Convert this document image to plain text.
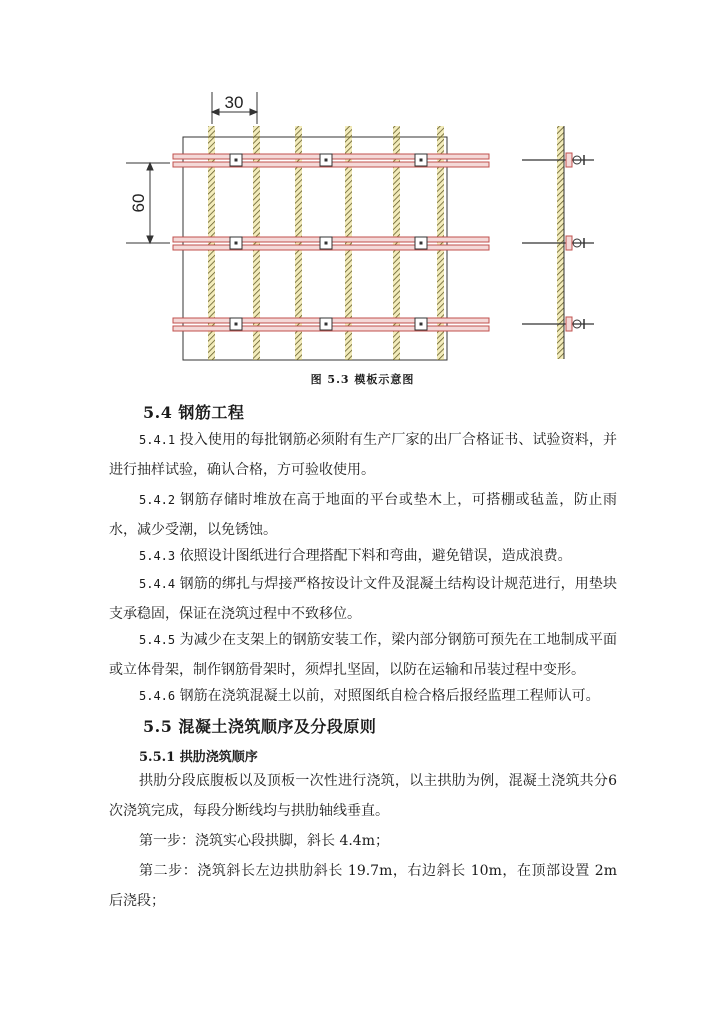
30
60
图 5.3 模板示意图
5.4 钢筋工程
5.4.1 投入使用的每批钢筋必须附有生产厂家的出厂合格证书、试验资料，并进行抽样试验，确认合格，方可验收使用。
5.4.2 钢筋存储时堆放在高于地面的平台或垫木上，可搭棚或毡盖，防止雨水，减少受潮，以免锈蚀。
5.4.3 依照设计图纸进行合理搭配下料和弯曲，避免错误，造成浪费。
5.4.4 钢筋的绑扎与焊接严格按设计文件及混凝土结构设计规范进行，用垫块支承稳固，保证在浇筑过程中不致移位。
5.4.5 为减少在支架上的钢筋安装工作，梁内部分钢筋可预先在工地制成平面或立体骨架，制作钢筋骨架时，须焊扎坚固，以防在运输和吊装过程中变形。
5.4.6 钢筋在浇筑混凝土以前，对照图纸自检合格后报经监理工程师认可。
5.5 混凝土浇筑顺序及分段原则
5.5.1 拱肋浇筑顺序
拱肋分段底腹板以及顶板一次性进行浇筑，以主拱肋为例，混凝土浇筑共分6次浇筑完成，每段分断线均与拱肋轴线垂直。
第一步：浇筑实心段拱脚，斜长 4.4m；
第二步：浇筑斜长左边拱肋斜长 19.7m，右边斜长 10m，在顶部设置 2m 后浇段；
